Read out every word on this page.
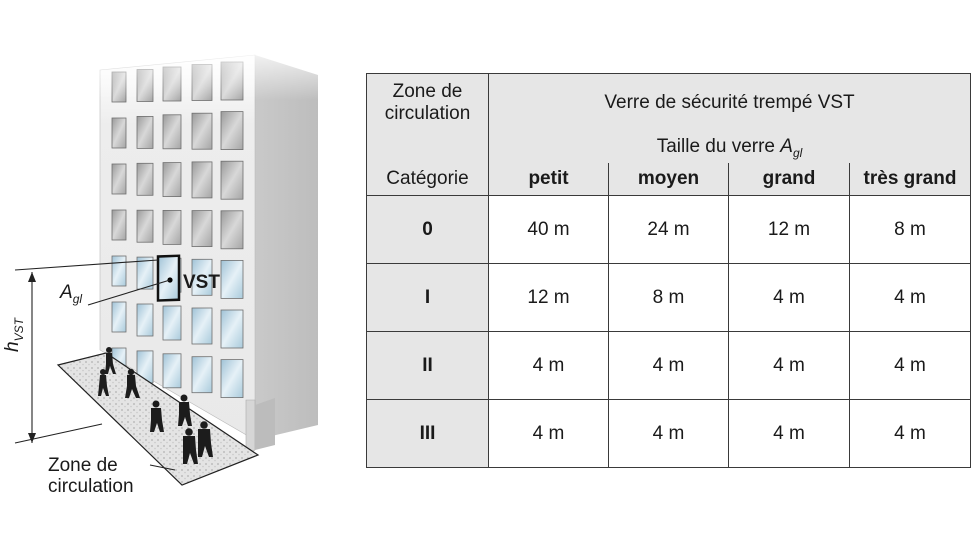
VST
$A_{gl}$
$h_{VST}$
Zone de
circulation
Zone de
circulation	Verre de sécurité trempé VST			
	Taille du verre $A_{gl}$
Catégorie	petit	moyen	grand	très grand
0	40 m	24 m	12 m	8 m
I	12 m	8 m	4 m	4 m
II	4 m	4 m	4 m	4 m
III	4 m	4 m	4 m	4 m
